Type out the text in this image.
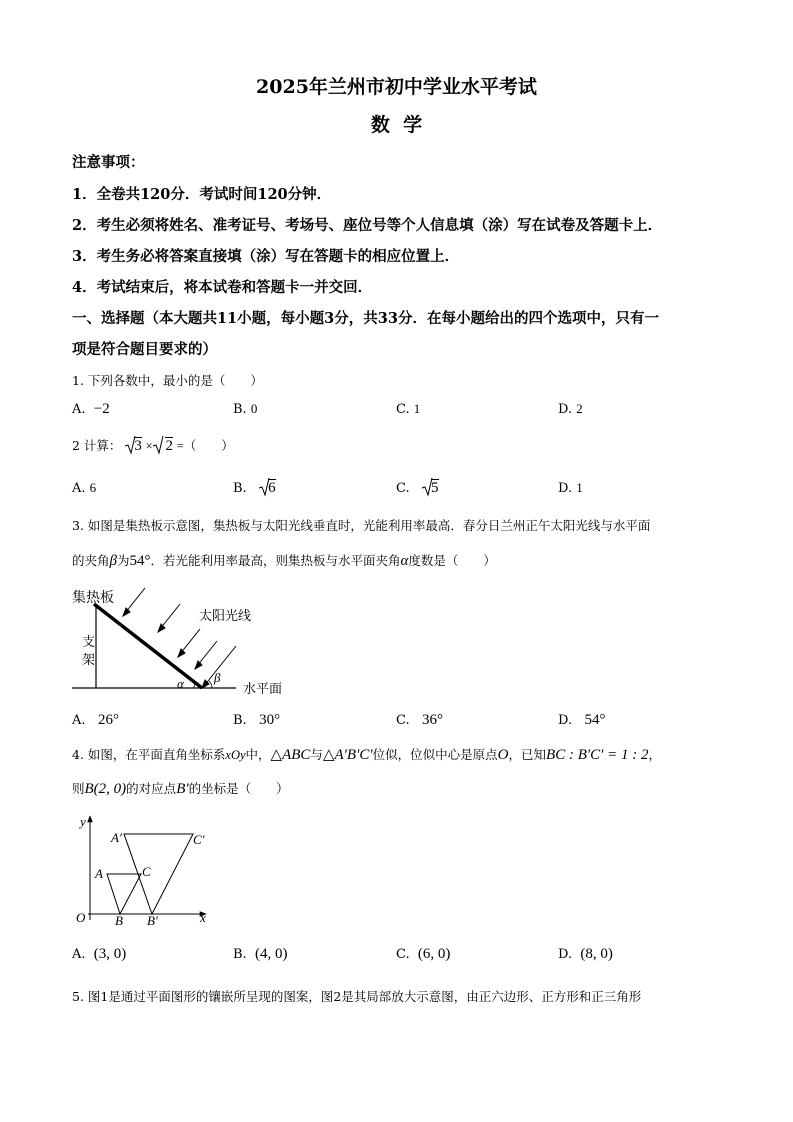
2025年兰州市初中学业水平考试
数  学
注意事项：
1．全卷共120分．考试时间120分钟．
2．考生必须将姓名、准考证号、考场号、座位号等个人信息填（涂）写在试卷及答题卡上．
3．考生务必将答案直接填（涂）写在答题卡的相应位置上．
4．考试结束后，将本试卷和答题卡一并交回．
一、选择题（本大题共11小题，每小题3分，共33分．在每小题给出的四个选项中，只有一
项是符合题目要求的）
1. 下列各数中，最小的是（　　）
A. −2	B. 0	C. 1	D. 2
2 计算： 3 × 2 =（　　）
A. 6	B. 6	C. 5	D. 1
3. 如图是集热板示意图，集热板与太阳光线垂直时，光能利用率最高．春分日兰州正午太阳光线与水平面
的夹角β为54°．若光能利用率最高，则集热板与水平面夹角α度数是（　　）
集热板
太阳光线
支
架
水平面
α β
A. 26°	B. 30°	C. 36°	D. 54°
4. 如图，在平面直角坐标系xOy中，△ABC与△A′B′C′位似，位似中心是原点O，已知BC : B′C′ = 1 : 2，
则B(2, 0)的对应点B′的坐标是（　　）
y
x
O
A
B
C
A′
B′
C′
A. (3, 0)	B. (4, 0)	C. (6, 0)	D. (8, 0)
5. 图1是通过平面图形的镶嵌所呈现的图案，图2是其局部放大示意图，由正六边形、正方形和正三角形
